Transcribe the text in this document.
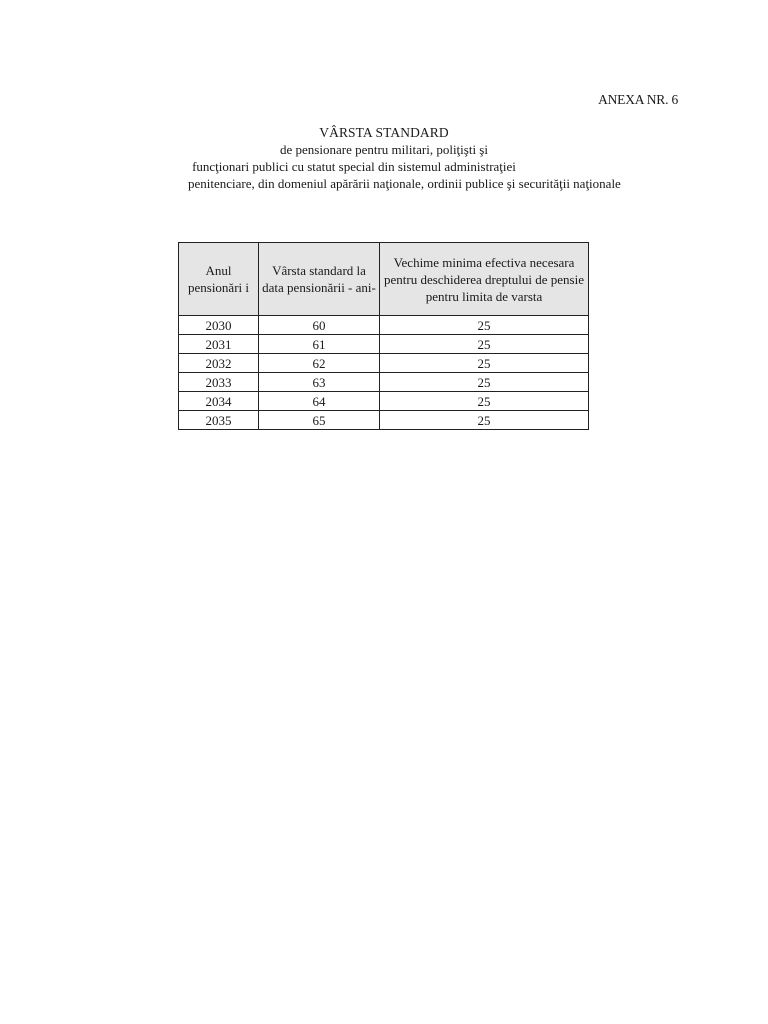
ANEXA NR. 6
VÂRSTA STANDARD
de pensionare pentru militari, poliţişti şi
funcţionari publici cu statut special din sistemul administraţiei
penitenciare, din domeniul apărării naţionale, ordinii publice şi securităţii naţionale
Anul pensionări i	Vârsta standard la data pensionării - ani-	Vechime minima efectiva necesara pentru deschiderea dreptului de pensie pentru limita de varsta

2030	60	25
2031	61	25
2032	62	25
2033	63	25
2034	64	25
2035	65	25
